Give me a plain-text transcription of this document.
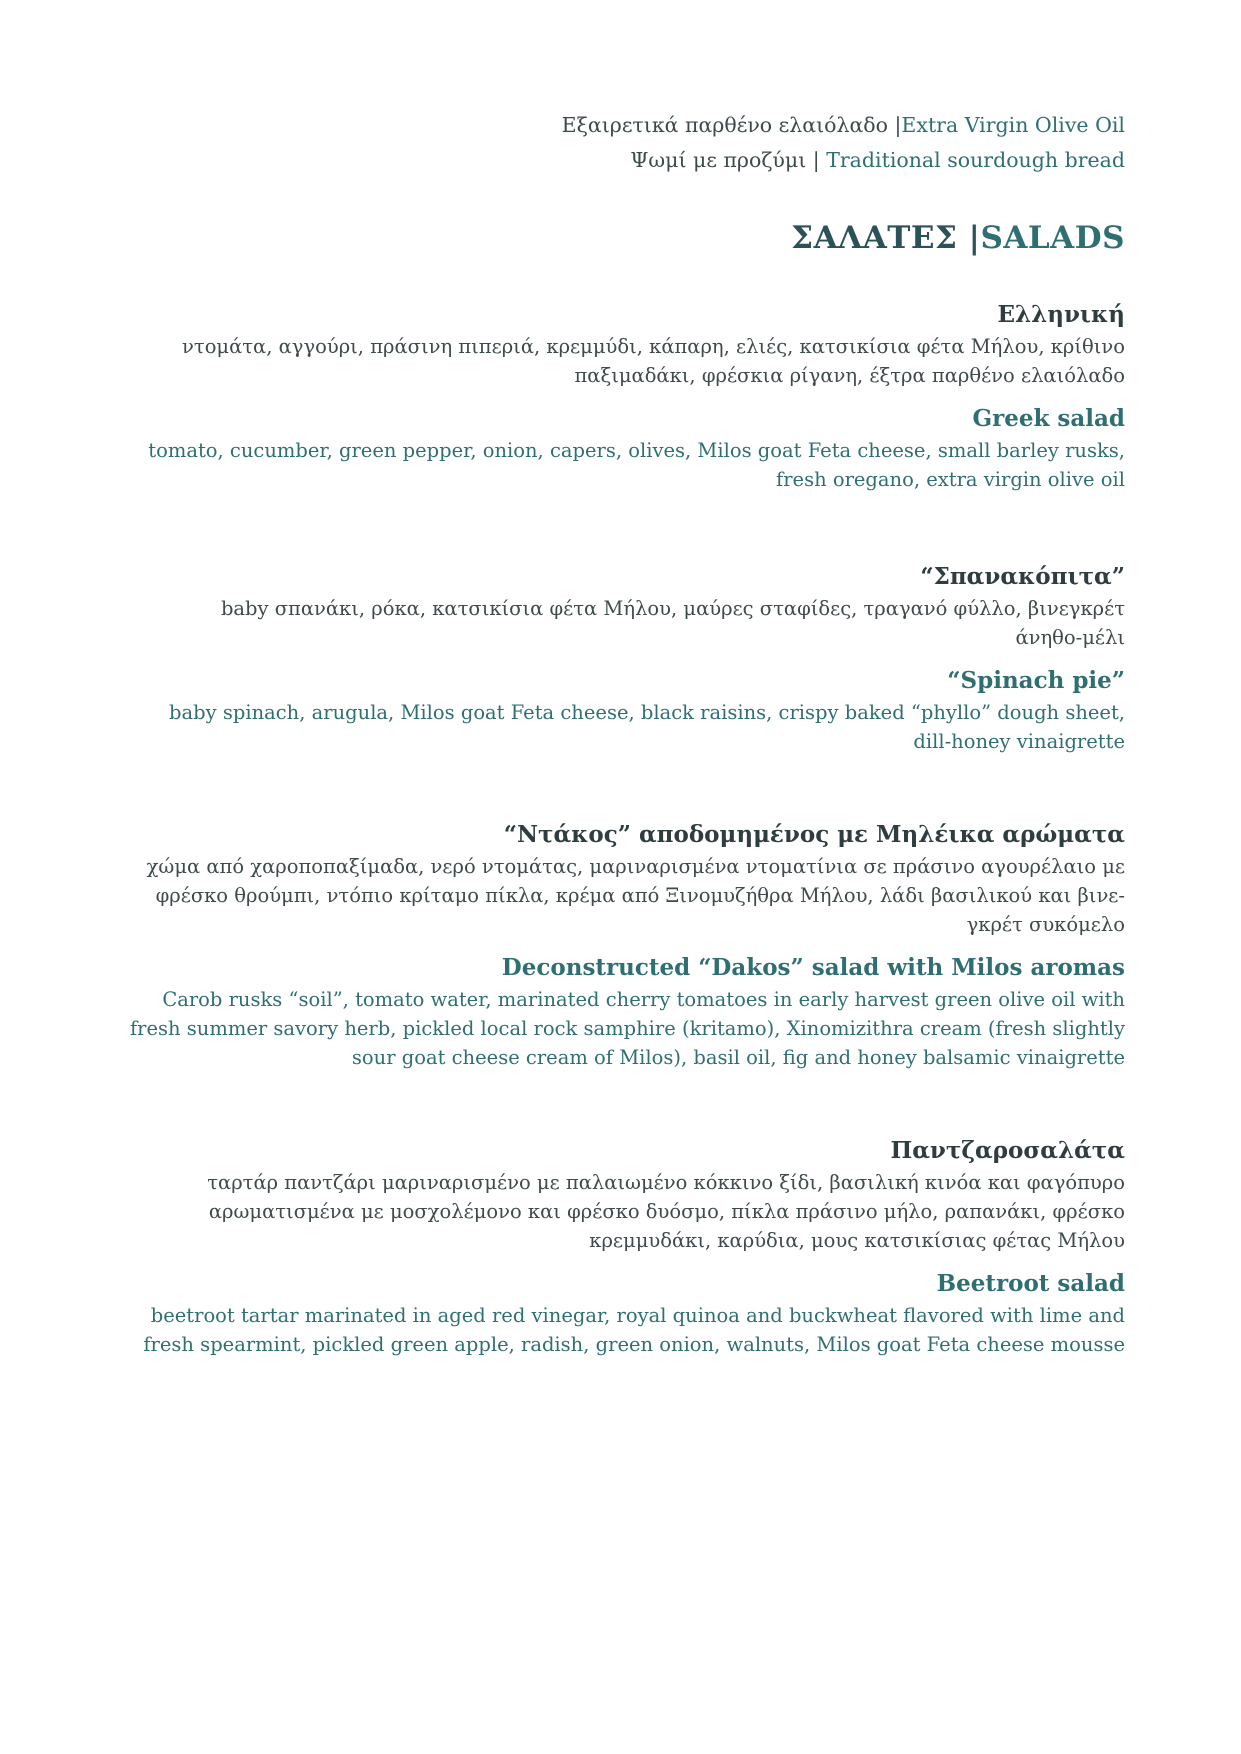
Εξαιρετικά παρθένο ελαιόλαδο |Extra Virgin Olive Oil
Ψωμί με προζύμι | Traditional sourdough bread
ΣΑΛΑΤΕΣ |SALADS
Ελληνική
ντομάτα, αγγούρι, πράσινη πιπεριά, κρεμμύδι, κάπαρη, ελιές, κατσικίσια φέτα Μήλου, κρίθινο
παξιμαδάκι, φρέσκια ρίγανη, έξτρα παρθένο ελαιόλαδο
Greek salad
tomato, cucumber, green pepper, onion, capers, olives, Milos goat Feta cheese, small barley rusks,
fresh oregano, extra virgin olive oil
“Σπανακόπιτα”
baby σπανάκι, ρόκα, κατσικίσια φέτα Μήλου, μαύρες σταφίδες, τραγανό φύλλο, βινεγκρέτ
άνηθο-μέλι
“Spinach pie”
baby spinach, arugula, Milos goat Feta cheese, black raisins, crispy baked “phyllo” dough sheet,
dill-honey vinaigrette
“Ντάκος” αποδομημένος με Μηλέικα αρώματα
χώμα από χαροποπαξίμαδα, νερό ντομάτας, μαριναρισμένα ντοματίνια σε πράσινο αγουρέλαιο με
φρέσκο θρούμπι, ντόπιο κρίταμο πίκλα, κρέμα από Ξινομυζήθρα Μήλου, λάδι βασιλικού και βινε-
γκρέτ συκόμελο
Deconstructed “Dakos” salad with Milos aromas
Carob rusks “soil”, tomato water, marinated cherry tomatoes in early harvest green olive oil with
fresh summer savory herb, pickled local rock samphire (kritamo), Xinomizithra cream (fresh slightly
sour goat cheese cream of Milos), basil oil, fig and honey balsamic vinaigrette
Παντζαροσαλάτα
ταρτάρ παντζάρι μαριναρισμένο με παλαιωμένο κόκκινο ξίδι, βασιλική κινόα και φαγόπυρο
αρωματισμένα με μοσχολέμονο και φρέσκο δυόσμο, πίκλα πράσινο μήλο, ραπανάκι, φρέσκο
κρεμμυδάκι, καρύδια, μους κατσικίσιας φέτας Μήλου
Beetroot salad
beetroot tartar marinated in aged red vinegar, royal quinoa and buckwheat flavored with lime and
fresh spearmint, pickled green apple, radish, green onion, walnuts, Milos goat Feta cheese mousse
